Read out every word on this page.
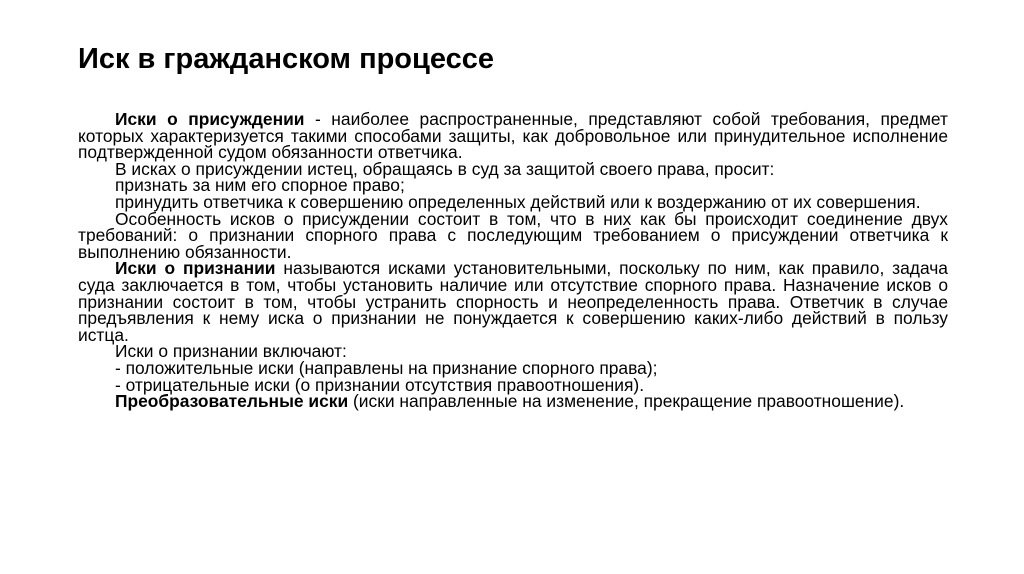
Иск в гражданском процессе

Иски о присуждении - наиболее распространенные, представляют собой требования, предмет которых характеризуется такими способами защиты, как добровольное или принудительное исполнение подтвержденной судом обязанности ответчика.

В исках о присуждении истец, обращаясь в суд за защитой своего права, просит:

признать за ним его спорное право;

принудить ответчика к совершению определенных действий или к воздержанию от их совершения.

Особенность исков о присуждении состоит в том, что в них как бы происходит соединение двух требований: о признании спорного права с последующим требованием о присуждении ответчика к выполнению обязанности.

Иски о признании называются исками установительными, поскольку по ним, как правило, задача суда заключается в том, чтобы установить наличие или отсутствие спорного права. Назначение исков о признании состоит в том, чтобы устранить спорность и неопределенность права. Ответчик в случае предъявления к нему иска о признании не понуждается к совершению каких-либо действий в пользу истца.

Иски о признании включают:

- положительные иски (направлены на признание спорного права);

- отрицательные иски (о признании отсутствия правоотношения).

Преобразовательные иски (иски направленные на изменение, прекращение правоотношение).
